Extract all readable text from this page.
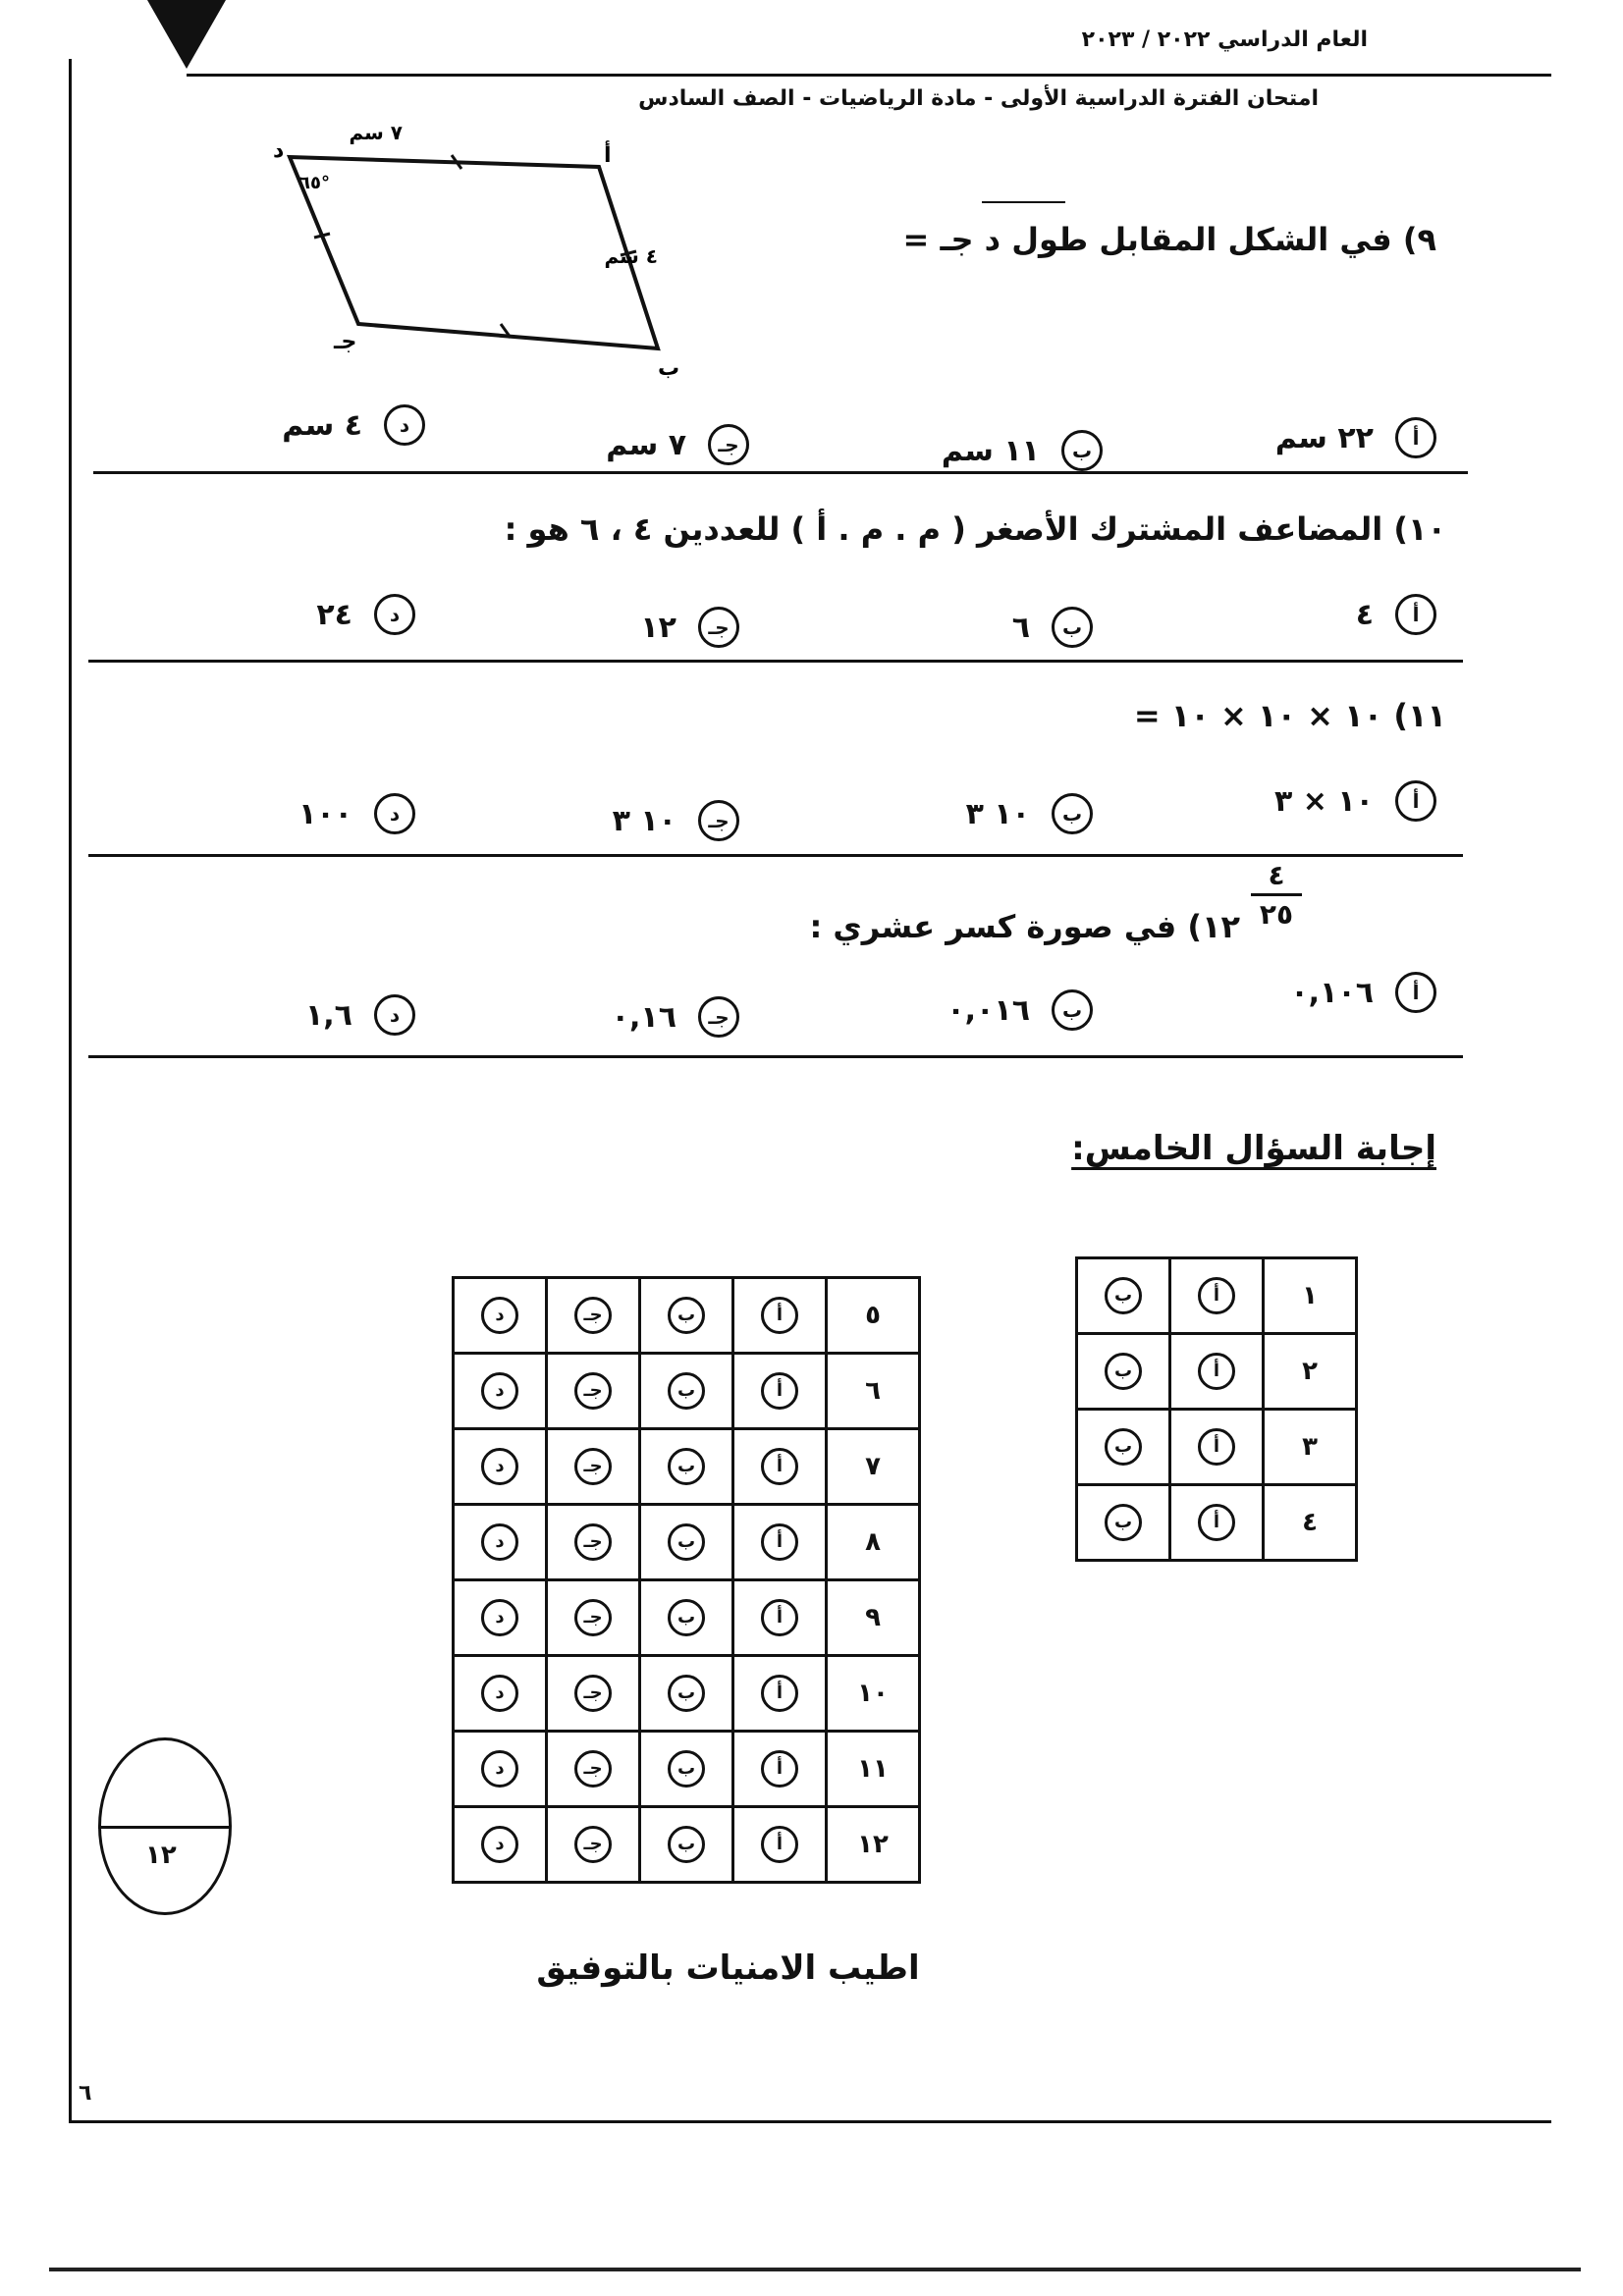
العام الدراسي ٢٠٢٢ / ٢٠٢٣
امتحان الفترة الدراسية الأولى - مادة الرياضيات - الصف السادس
٧ سم
٤ سم
٦٥°
أ
ب
جـ
د
٩) في الشكل المقابل طول د جـ =
أ
٢٢ سم
ب
١١ سم
جـ
٧ سم
د
٤ سم
١٠) المضاعف المشترك الأصغر ( م . م . أ ) للعددين ٤ ، ٦ هو :
أ
٤
ب
٦
جـ
١٢
د
٢٤
١١) ١٠ × ١٠ × ١٠ =
أ
١٠ × ٣
ب
١٠ ٣
جـ
١٠ ٣
د
١٠٠
٤
٢٥
١٢) في صورة كسر عشري :
أ
٠,١٠٦
ب
٠,٠١٦
جـ
٠,١٦
د
١,٦
إجابة السؤال الخامس:
١	أ	ب
٢	أ	ب
٣	أ	ب
٤	أ	ب
٥	أ	ب	جـ	د
٦	أ	ب	جـ	د
٧	أ	ب	جـ	د
٨	أ	ب	جـ	د
٩	أ	ب	جـ	د
١٠	أ	ب	جـ	د
١١	أ	ب	جـ	د
١٢	أ	ب	جـ	د
١٢
اطيب الامنيات بالتوفيق
٦
